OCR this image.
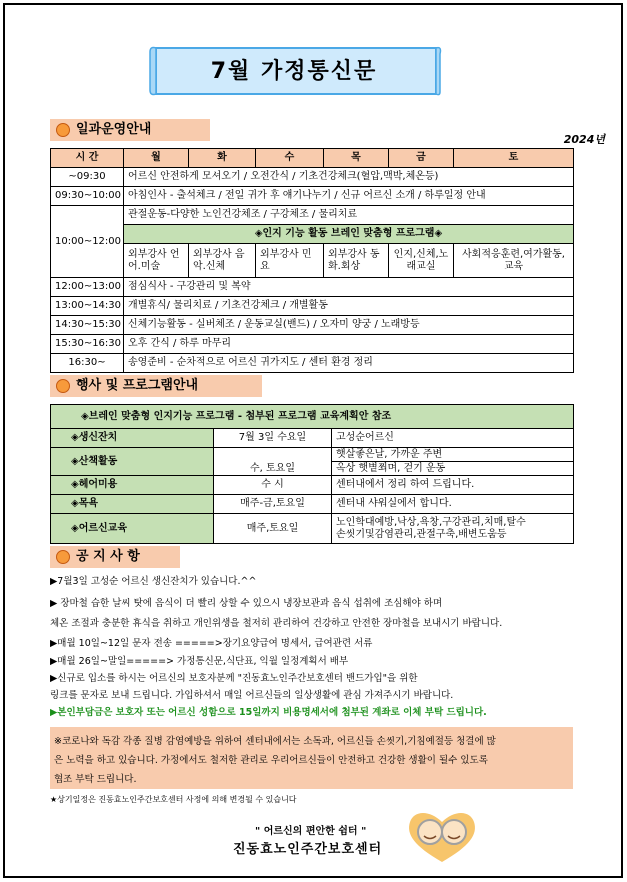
7월 가정통신문
일과운영안내
2024년
시 간	월	화	수	목	금	토
~09:30	어르신 안전하게 모셔오기 / 오전간식 / 기초건강체크(혈압,맥박,체온등)					
09:30~10:00	아침인사 - 출석체크 / 전일 귀가 후 얘기나누기 / 신규 어르신 소개 / 하루일정 안내					
10:00~12:00	관절운동-다양한 노인건강체조 / 구강체조 / 물리치료					
	◈인지 기능 활동 브레인 맞춤형 프로그램◈					
	외부강사 언어.미술	외부강사 음악.신체	외부강사 민요	외부강사 동화.회상	인지,신체,노래교실	사회적응훈련,여가활동,교육
12:00~13:00	점심식사 - 구강관리 및 복약					
13:00~14:30	개별휴식/ 물리치료 / 기초건강체크 / 개별활동					
14:30~15:30	신체기능활동 - 실버체조 / 운동교실(밴드) / 오자미 양궁 / 노래방등					
15:30~16:30	오후 간식 / 하루 마무리					
16:30~	송영준비 - 순차적으로 어르신 귀가지도 / 센터 환경 정리					
행사 및 프로그램안내
◈브레인 맞춤형 인지기능 프로그램 - 첨부된 프로그램 교육계획안 참조		
◈생신잔치	7월 3일 수요일	고성순어르신
◈산책활동	수, 토요일	햇살좋은날, 가까운 주변
		옥상 햇볕쬐며, 걷기 운동
◈헤어미용	수 시	센터내에서 정리 하여 드립니다.
◈목욕	매주-금,토요일	센터내 샤워실에서 합니다.
◈어르신교육	매주,토요일	노인학대예방,낙상,욕창,구강관리,치매,탈수
손씻기및감염관리,관절구축,배변도움등
공 지 사 항
▶7월3일 고성순 어르신 생신잔치가 있습니다.^^
▶ 장마철 습한 날씨 탓에 음식이 더 빨리 상할 수 있으시 냉장보관과 음식 섭취에 조심해야 하며
체온 조절과 충분한 휴식을 취하고 개인위생을 철저히 관리하여 건강하고 안전한 장마철을 보내시기 바랍니다.
▶매월 10일~12일 문자 전송 =====>장기요양급여 명세서, 급여관련 서류
▶매월 26일~말일=====> 가정통신문,식단표, 익월 일정계획서 배부
▶신규로 입소를 하시는 어르신의 보호자분께 "진동효노인주간보호센터 밴드가입"을 위한
링크를 문자로 보내 드립니다. 가입하셔서 매일 어르신들의 일상생활에 관심 가져주시기 바랍니다.
▶본인부담금은 보호자 또는 어르신 성함으로 15일까지 비용명세서에 첨부된 계좌로 이체 부탁 드립니다.
※코로나와 독감 각종 질병 감염예방을 위하여 센터내에서는 소독과, 어르신들 손씻기,기침예절등 청결에 많
은 노력을 하고 있습니다. 가정에서도 철저한 관리로 우리어르신들이 안전하고 건강한 생활이 될수 있도록
협조 부탁 드립니다.
★상기일정은 진동효노인주간보호센터 사정에 의해 변경될 수 있습니다
" 어르신의 편안한 쉼터 "
진동효노인주간보호센터
